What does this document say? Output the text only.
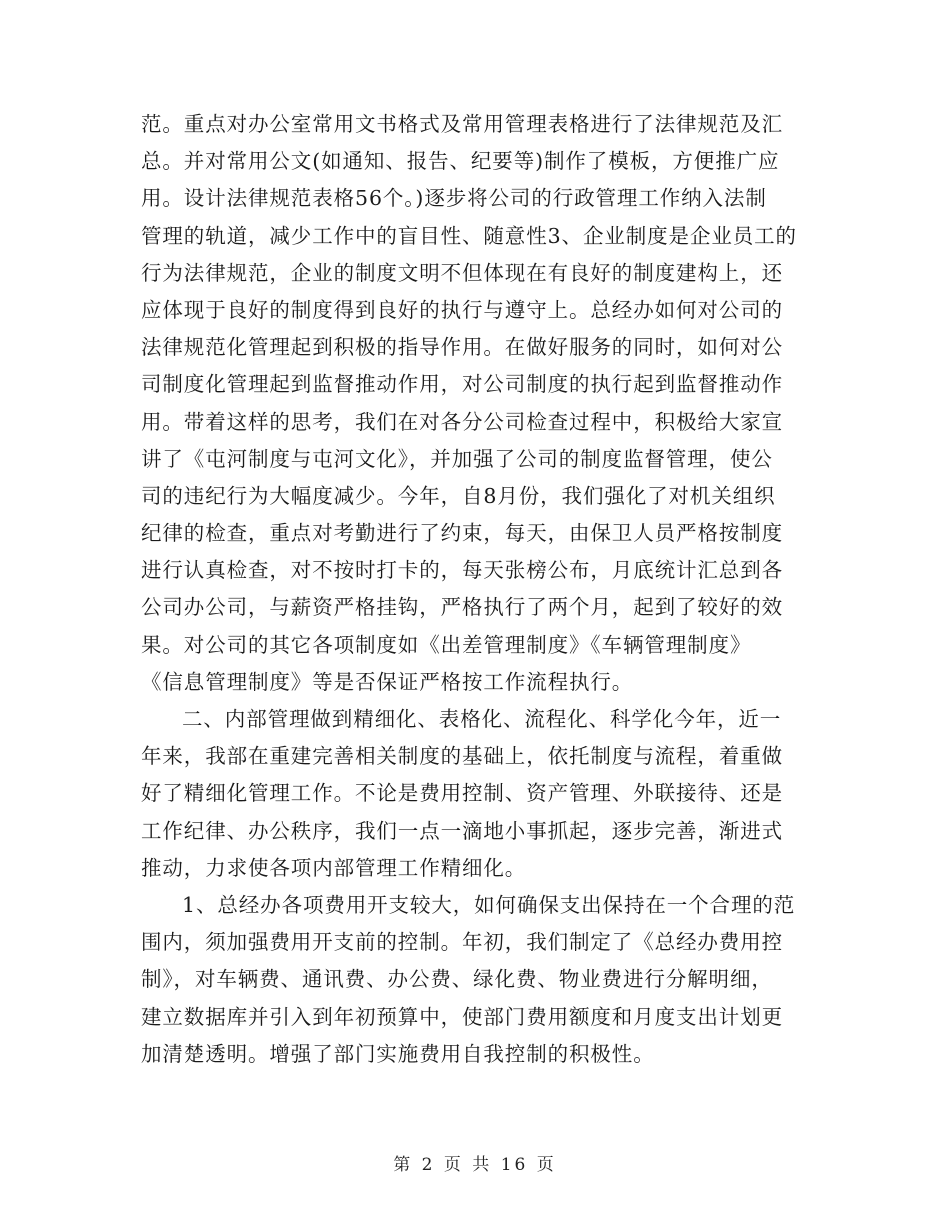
范。重点对办公室常用文书格式及常用管理表格进行了法律规范及汇
总。并对常用公文(如通知、报告、纪要等)制作了模板，方便推广应
用。设计法律规范表格56个。)逐步将公司的行政管理工作纳入法制
管理的轨道，减少工作中的盲目性、随意性3、企业制度是企业员工的
行为法律规范，企业的制度文明不但体现在有良好的制度建构上，还
应体现于良好的制度得到良好的执行与遵守上。总经办如何对公司的
法律规范化管理起到积极的指导作用。在做好服务的同时，如何对公
司制度化管理起到监督推动作用，对公司制度的执行起到监督推动作
用。带着这样的思考，我们在对各分公司检查过程中，积极给大家宣
讲了《屯河制度与屯河文化》，并加强了公司的制度监督管理，使公
司的违纪行为大幅度减少。今年，自8月份，我们强化了对机关组织
纪律的检查，重点对考勤进行了约束，每天，由保卫人员严格按制度
进行认真检查，对不按时打卡的，每天张榜公布，月底统计汇总到各
公司办公司，与薪资严格挂钩，严格执行了两个月，起到了较好的效
果。对公司的其它各项制度如《出差管理制度》《车辆管理制度》
《信息管理制度》等是否保证严格按工作流程执行。
二、内部管理做到精细化、表格化、流程化、科学化今年，近一
年来，我部在重建完善相关制度的基础上，依托制度与流程，着重做
好了精细化管理工作。不论是费用控制、资产管理、外联接待、还是
工作纪律、办公秩序，我们一点一滴地小事抓起，逐步完善，渐进式
推动，力求使各项内部管理工作精细化。
1、总经办各项费用开支较大，如何确保支出保持在一个合理的范
围内，须加强费用开支前的控制。年初，我们制定了《总经办费用控
制》，对车辆费、通讯费、办公费、绿化费、物业费进行分解明细，
建立数据库并引入到年初预算中，使部门费用额度和月度支出计划更
加清楚透明。增强了部门实施费用自我控制的积极性。
第 2 页 共 16 页
